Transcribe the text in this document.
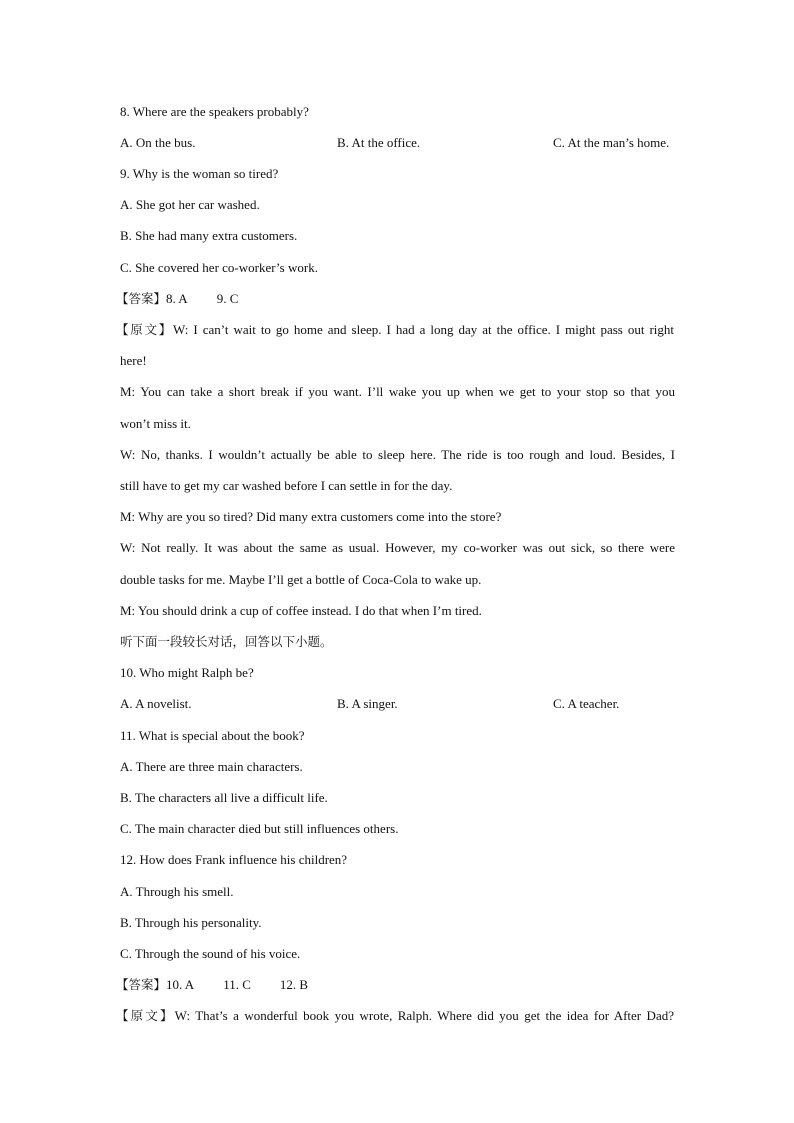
8. Where are the speakers probably?
A. On the bus.	B. At the office.	C. At the man’s home.
9. Why is the woman so tired?
A. She got her car washed.
B. She had many extra customers.
C. She covered her co-worker’s work.
【答案】8. A 9. C
【原文】W: I can’t wait to go home and sleep. I had a long day at the office. I might pass out right
here!
M: You can take a short break if you want. I’ll wake you up when we get to your stop so that you
won’t miss it.
W: No, thanks. I wouldn’t actually be able to sleep here. The ride is too rough and loud. Besides, I
still have to get my car washed before I can settle in for the day.
M: Why are you so tired? Did many extra customers come into the store?
W: Not really. It was about the same as usual. However, my co-worker was out sick, so there were
double tasks for me. Maybe I’ll get a bottle of Coca-Cola to wake up.
M: You should drink a cup of coffee instead. I do that when I’m tired.
听下面一段较长对话，回答以下小题。
10. Who might Ralph be?
A. A novelist.	B. A singer.	C. A teacher.
11. What is special about the book?
A. There are three main characters.
B. The characters all live a difficult life.
C. The main character died but still influences others.
12. How does Frank influence his children?
A. Through his smell.
B. Through his personality.
C. Through the sound of his voice.
【答案】10. A 11. C 12. B
【原文】W: That’s a wonderful book you wrote, Ralph. Where did you get the idea for After Dad?
